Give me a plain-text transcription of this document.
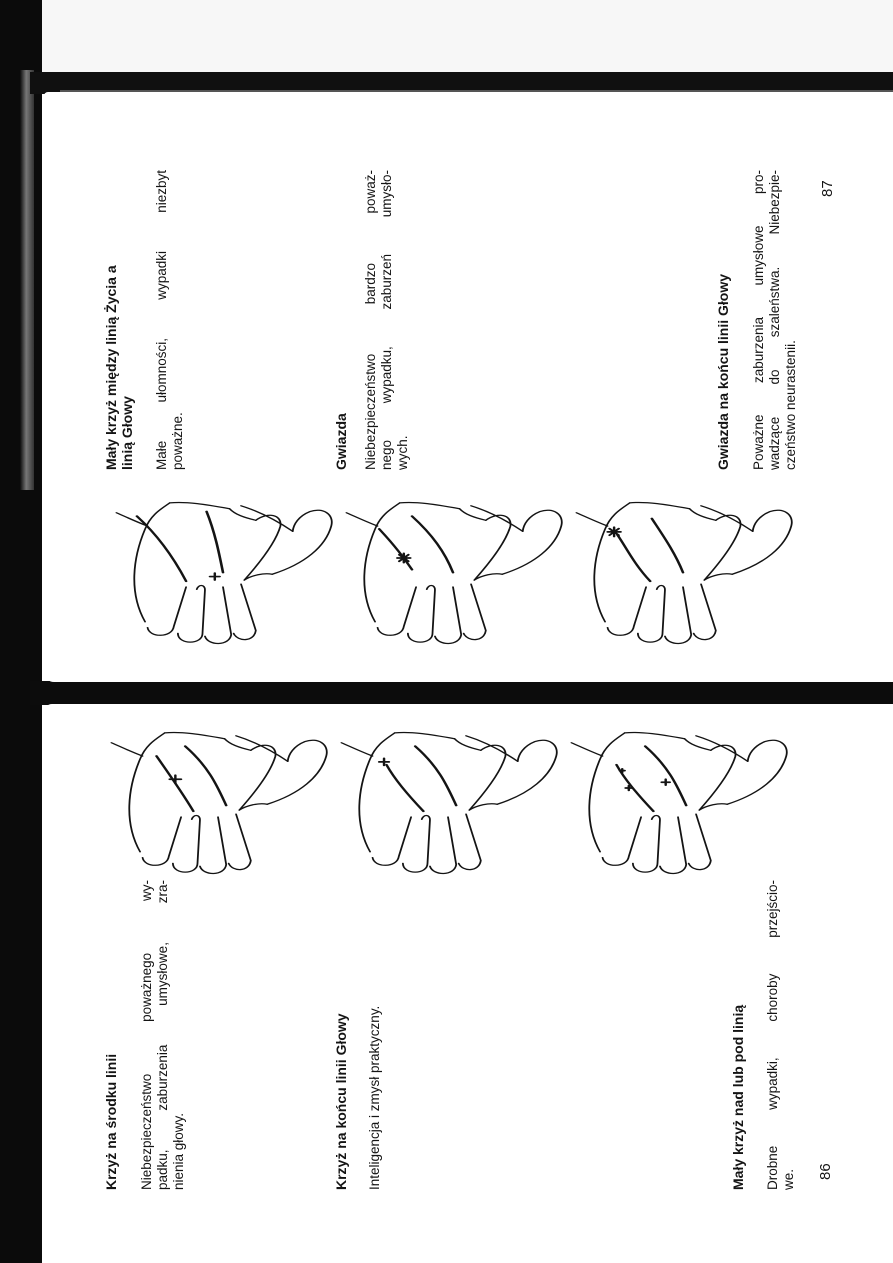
Mały krzyż między linią Życia a linią Głowy Małe ułomności, wypadki niezbyt poważne.	Gwiazda Niebezpieczeństwo bardzo poważ- nego wypadku, zaburzeń umysło- wych.	Gwiazda na końcu linii Głowy Poważne zaburzenia umysłowe pro- wadzące do szaleństwa. Niebezpie- czeństwo neurastenii.
87
Krzyż na środku linii Niebezpieczeństwo poważnego wy- padku, zaburzenia umysłowe, zra- nienia głowy.	Krzyż na końcu linii Głowy Inteligencja i zmysł praktyczny.	Mały krzyż nad lub pod linią Drobne wypadki, choroby przejścio- we. 86
